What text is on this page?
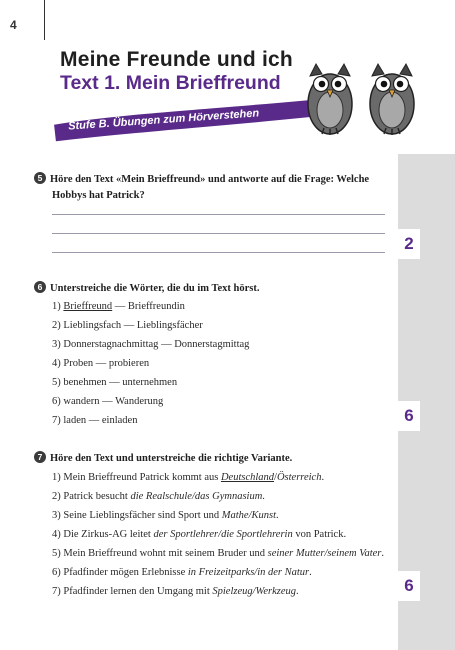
4
Meine Freunde und ich
Text 1. Mein Brieffreund
Stufe B. Übungen zum Hörverstehen
2
6
6
5 Höre den Text «Mein Brieffreund» und antworte auf die Frage: Welche
Hobbys hat Patrick?
6 Unterstreiche die Wörter, die du im Text hörst.
1) Brieffreund — Brieffreundin
2) Lieblingsfach — Lieblingsfächer
3) Donnerstagnachmittag — Donnerstagmittag
4) Proben — probieren
5) benehmen — unternehmen
6) wandern — Wanderung
7) laden — einladen
7 Höre den Text und unterstreiche die richtige Variante.
1) Mein Brieffreund Patrick kommt aus Deutschland/Österreich.
2) Patrick besucht die Realschule/das Gymnasium.
3) Seine Lieblingsfächer sind Sport und Mathe/Kunst.
4) Die Zirkus-AG leitet der Sportlehrer/die Sportlehrerin von Patrick.
5) Mein Brieffreund wohnt mit seinem Bruder und seiner Mutter/seinem Vater.
6) Pfadfinder mögen Erlebnisse in Freizeitparks/in der Natur.
7) Pfadfinder lernen den Umgang mit Spielzeug/Werkzeug.
